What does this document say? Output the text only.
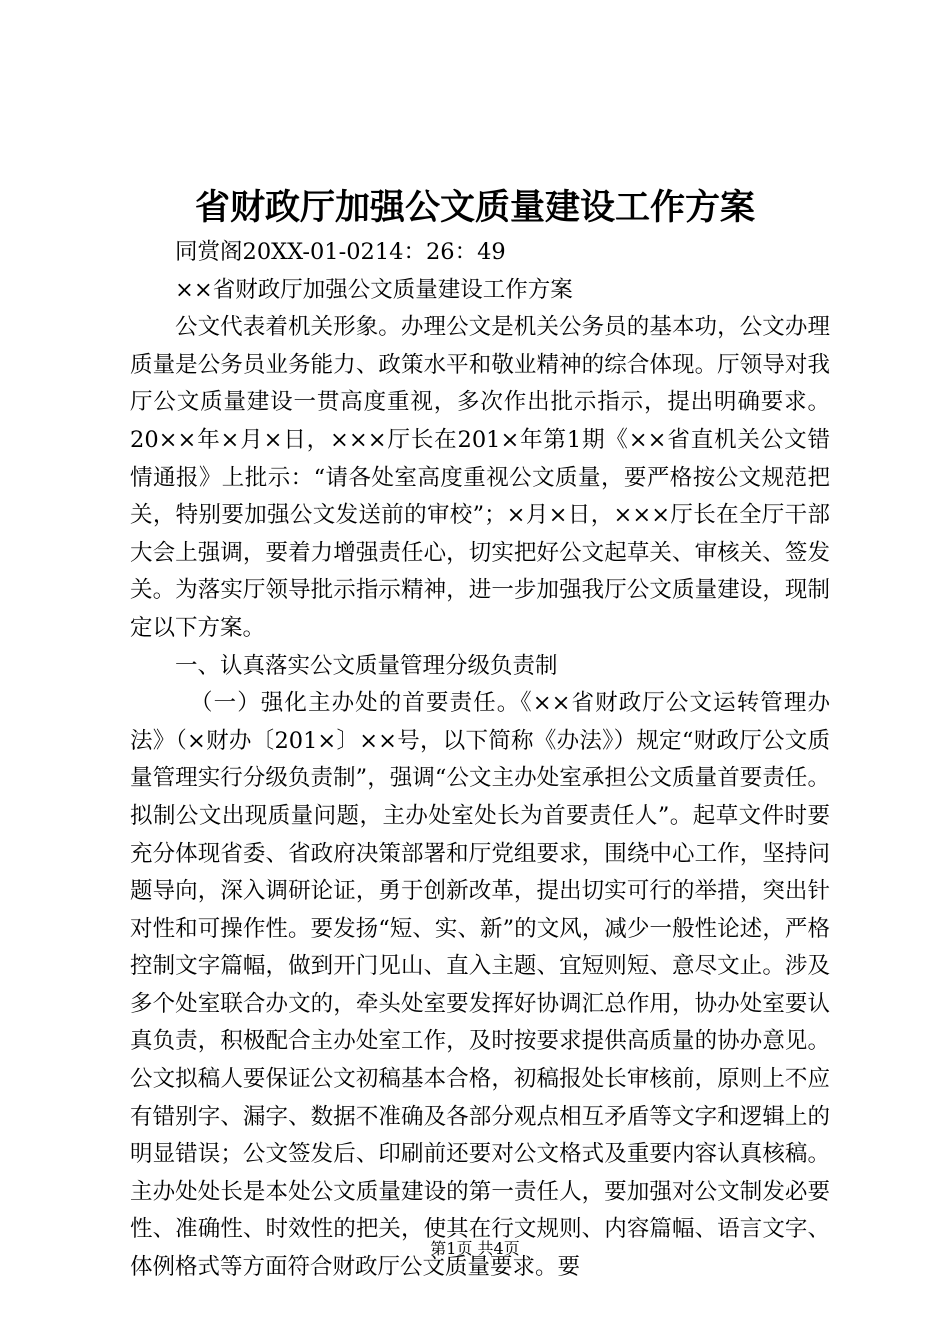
省财政厅加强公文质量建设工作方案

同赏阁20XX-01-0214：26：49

××省财政厅加强公文质量建设工作方案

公文代表着机关形象。办理公文是机关公务员的基本功，公文办理质量是公务员业务能力、政策水平和敬业精神的综合体现。厅领导对我厅公文质量建设一贯高度重视，多次作出批示指示，提出明确要求。20××年×月×日，×××厅长在201×年第1期《××省直机关公文错情通报》上批示：“请各处室高度重视公文质量，要严格按公文规范把关，特别要加强公文发送前的审校”；×月×日，×××厅长在全厅干部大会上强调，要着力增强责任心，切实把好公文起草关、审核关、签发关。为落实厅领导批示指示精神，进一步加强我厅公文质量建设，现制定以下方案。

一、认真落实公文质量管理分级负责制

（一）强化主办处的首要责任。《××省财政厅公文运转管理办法》（×财办〔201×〕××号，以下简称《办法》）规定“财政厅公文质量管理实行分级负责制”，强调“公文主办处室承担公文质量首要责任。拟制公文出现质量问题，主办处室处长为首要责任人”。起草文件时要充分体现省委、省政府决策部署和厅党组要求，围绕中心工作，坚持问题导向，深入调研论证，勇于创新改革，提出切实可行的举措，突出针对性和可操作性。要发扬“短、实、新”的文风，减少一般性论述，严格控制文字篇幅，做到开门见山、直入主题、宜短则短、意尽文止。涉及多个处室联合办文的，牵头处室要发挥好协调汇总作用，协办处室要认真负责，积极配合主办处室工作，及时按要求提供高质量的协办意见。公文拟稿人要保证公文初稿基本合格，初稿报处长审核前，原则上不应有错别字、漏字、数据不准确及各部分观点相互矛盾等文字和逻辑上的明显错误；公文签发后、印刷前还要对公文格式及重要内容认真核稿。主办处处长是本处公文质量建设的第一责任人，要加强对公文制发必要性、准确性、时效性的把关，使其在行文规则、内容篇幅、语言文字、体例格式等方面符合财政厅公文质量要求。要

第1页 共4页
